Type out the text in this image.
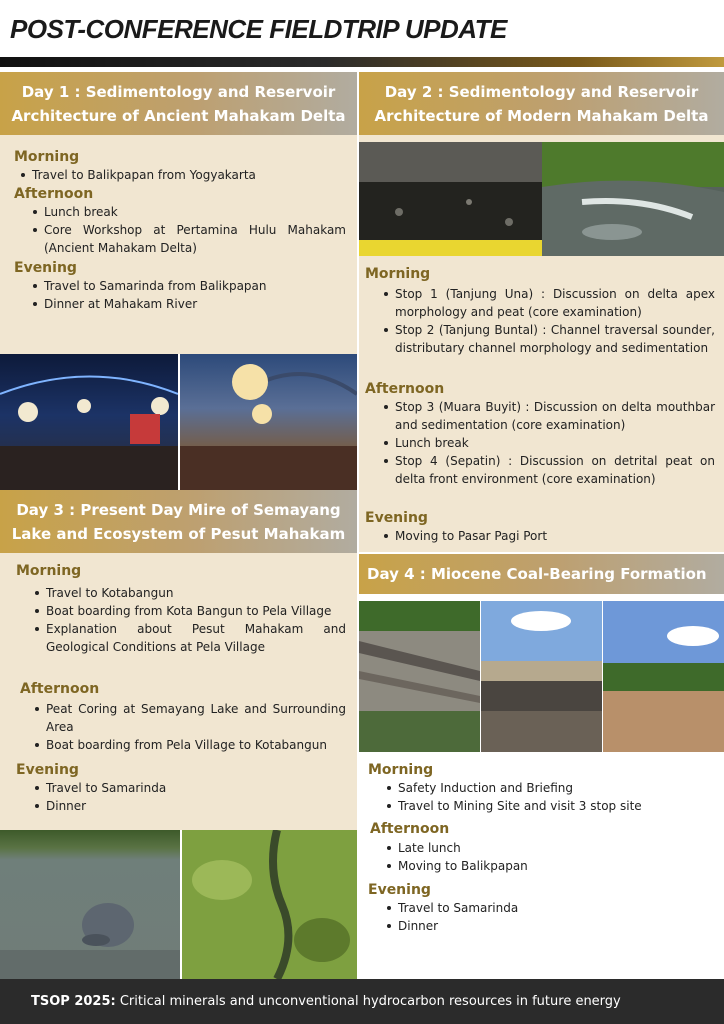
POST-CONFERENCE FIELDTRIP UPDATE
Day 1 : Sedimentology and Reservoir Architecture of Ancient Mahakam Delta
Morning
Travel to Balikpapan from Yogyakarta
Afternoon
Lunch break
Core Workshop at Pertamina Hulu Mahakam (Ancient Mahakam Delta)
Evening
Travel to Samarinda from Balikpapan
Dinner at Mahakam River
Day 3 : Present Day Mire of Semayang Lake and Ecosystem of Pesut Mahakam
Morning
Travel to Kotabangun
Boat boarding from Kota Bangun to Pela Village
Explanation about Pesut Mahakam and Geological Conditions at Pela Village
Afternoon
Peat Coring at Semayang Lake and Surrounding Area
Boat boarding from Pela Village to Kotabangun
Evening
Travel to Samarinda
Dinner
Day 2 : Sedimentology and Reservoir Architecture of Modern Mahakam Delta
Morning
Stop 1 (Tanjung Una) : Discussion on delta apex morphology and peat (core examination)
Stop 2 (Tanjung Buntal) : Channel traversal sounder, distributary channel morphology and sedimentation
Afternoon
Stop 3 (Muara Buyit) : Discussion on delta mouthbar and sedimentation (core examination)
Lunch break
Stop 4 (Sepatin) : Discussion on detrital peat on delta front environment (core examination)
Evening
Moving to Pasar Pagi Port
Day 4 : Miocene Coal-Bearing Formation
Morning
Safety Induction and Briefing
Travel to Mining Site and visit 3 stop site
Afternoon
Late lunch
Moving to Balikpapan
Evening
Travel to Samarinda
Dinner
TSOP 2025: Critical minerals and unconventional hydrocarbon resources in future energy
